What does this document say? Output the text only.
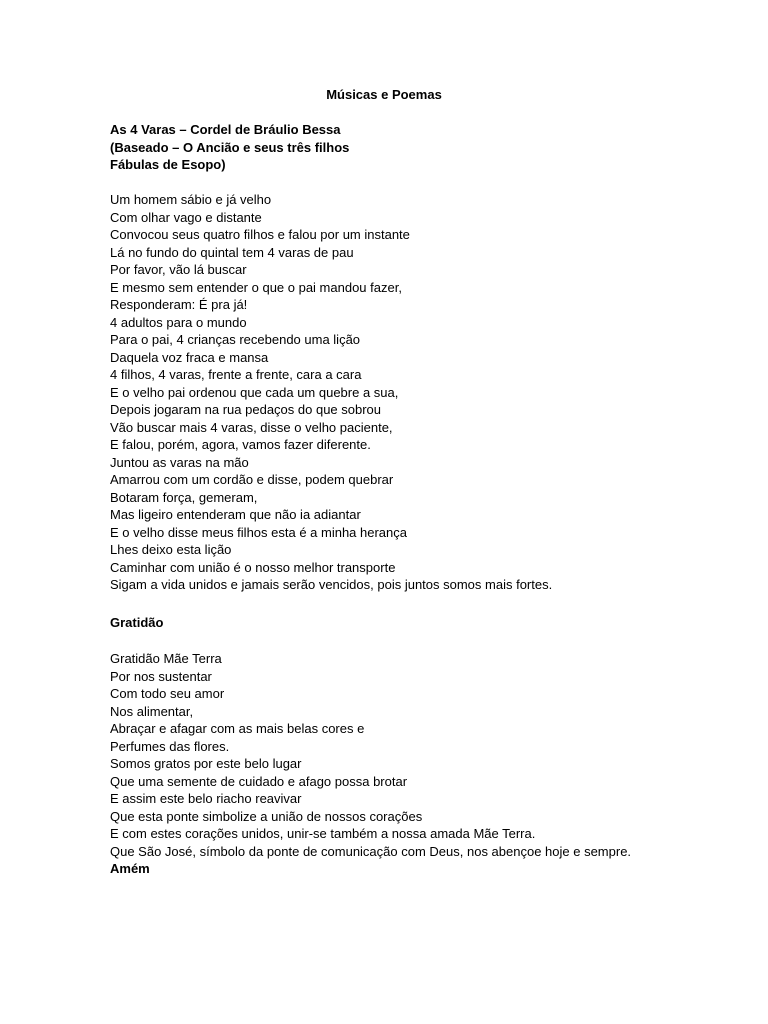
Músicas e Poemas

As 4 Varas – Cordel de Bráulio Bessa
(Baseado – O Ancião e seus três filhos
Fábulas de Esopo)
Um homem sábio e já velho
Com olhar vago e distante
Convocou seus quatro filhos e falou por um instante
Lá no fundo do quintal tem 4 varas de pau
Por favor, vão lá buscar
E mesmo sem entender o que o pai mandou fazer,
Responderam: É pra já!
4 adultos para o mundo
Para o pai, 4 crianças recebendo uma lição
Daquela voz fraca e mansa
4 filhos, 4 varas, frente a frente, cara a cara
E o velho pai ordenou que cada um quebre a sua,
Depois jogaram na rua pedaços do que sobrou
Vão buscar mais 4 varas, disse o velho paciente,
E falou, porém, agora, vamos fazer diferente.
Juntou as varas na mão
Amarrou com um cordão e disse, podem quebrar
Botaram força, gemeram,
Mas ligeiro entenderam que não ia adiantar
E o velho disse meus filhos esta é a minha herança
Lhes deixo esta lição
Caminhar com união é o nosso melhor transporte
Sigam a vida unidos e jamais serão vencidos, pois juntos somos mais fortes.
Gratidão
Gratidão Mãe Terra
Por nos sustentar
Com todo seu amor
Nos alimentar,
Abraçar e afagar com as mais belas cores e
Perfumes das flores.
Somos gratos por este belo lugar
Que uma semente de cuidado e afago possa brotar
E assim este belo riacho reavivar
Que esta ponte simbolize a união de nossos corações
E com estes corações unidos, unir-se também a nossa amada Mãe Terra.
Que São José, símbolo da ponte de comunicação com Deus, nos abençoe hoje e sempre.
Amém
